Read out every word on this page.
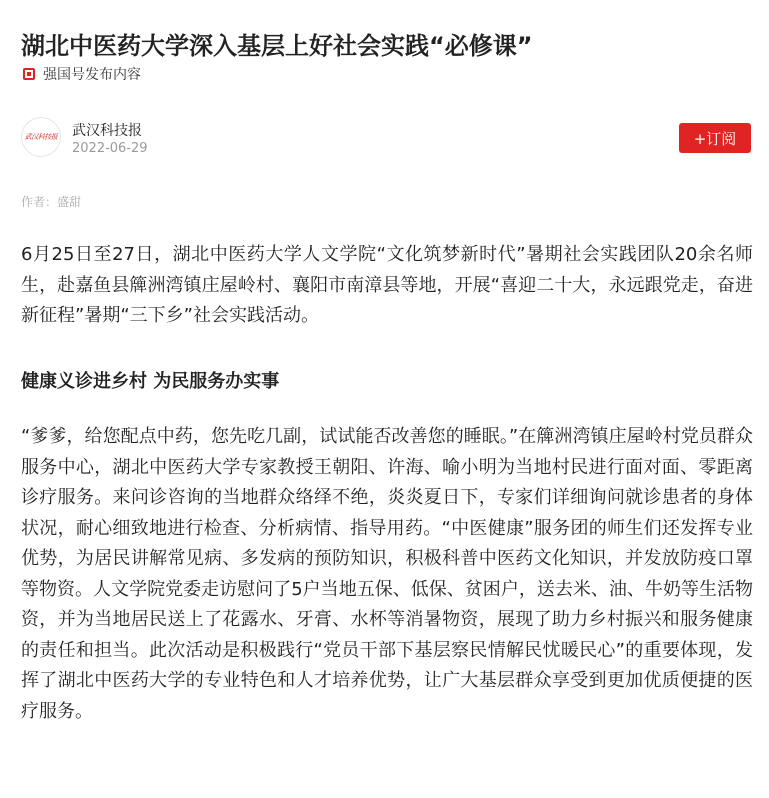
湖北中医药大学深入基层上好社会实践“必修课”
强国号发布内容
武汉科技报 武汉科技报
2022-06-29
+订阅
作者：盛甜

6月25日至27日，湖北中医药大学人文学院“文化筑梦新时代”暑期社会实践团队20余名师生，赴嘉鱼县簰洲湾镇庄屋岭村、襄阳市南漳县等地，开展“喜迎二十大，永远跟党走，奋进新征程”暑期“三下乡”社会实践活动。

健康义诊进乡村 为民服务办实事

“爹爹，给您配点中药，您先吃几副，试试能否改善您的睡眠。”在簰洲湾镇庄屋岭村党员群众服务中心，湖北中医药大学专家教授王朝阳、许海、喻小明为当地村民进行面对面、零距离诊疗服务。来问诊咨询的当地群众络绎不绝，炎炎夏日下，专家们详细询问就诊患者的身体状况，耐心细致地进行检查、分析病情、指导用药。“中医健康”服务团的师生们还发挥专业优势，为居民讲解常见病、多发病的预防知识，积极科普中医药文化知识，并发放防疫口罩等物资。人文学院党委走访慰问了5户当地五保、低保、贫困户，送去米、油、牛奶等生活物资，并为当地居民送上了花露水、牙膏、水杯等消暑物资，展现了助力乡村振兴和服务健康的责任和担当。此次活动是积极践行“党员干部下基层察民情解民忧暖民心”的重要体现，发挥了湖北中医药大学的专业特色和人才培养优势，让广大基层群众享受到更加优质便捷的医疗服务。
